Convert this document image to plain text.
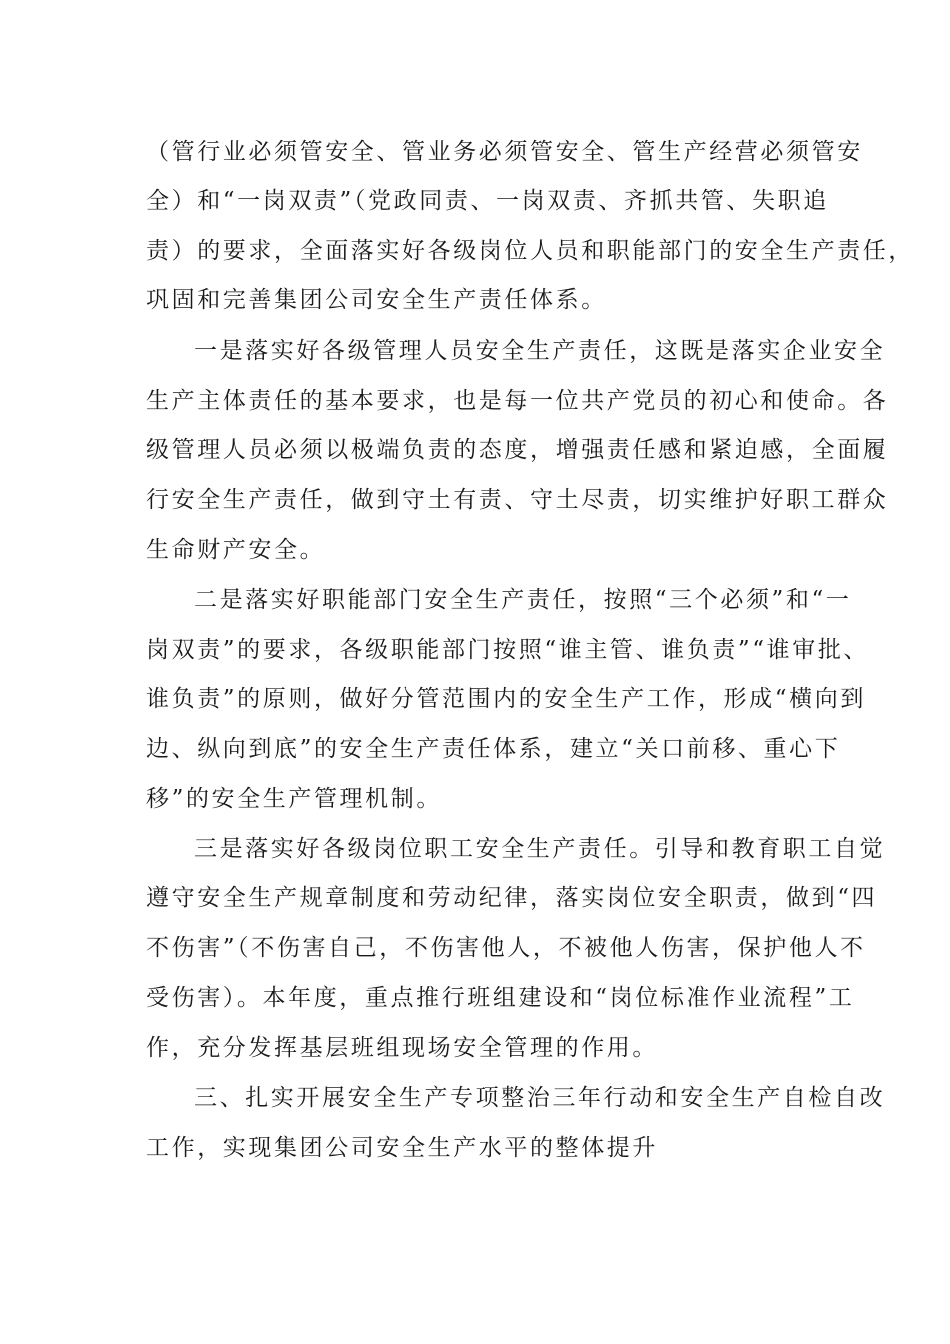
（管行业必须管安全、管业务必须管安全、管生产经营必须管安
全）和“一岗双责”（党政同责、一岗双责、齐抓共管、失职追
责）的要求，全面落实好各级岗位人员和职能部门的安全生产责任，
巩固和完善集团公司安全生产责任体系。
一是落实好各级管理人员安全生产责任，这既是落实企业安全
生产主体责任的基本要求，也是每一位共产党员的初心和使命。各
级管理人员必须以极端负责的态度，增强责任感和紧迫感，全面履
行安全生产责任，做到守土有责、守土尽责，切实维护好职工群众
生命财产安全。
二是落实好职能部门安全生产责任，按照“三个必须”和“一
岗双责”的要求，各级职能部门按照“谁主管、谁负责”“谁审批、
谁负责”的原则，做好分管范围内的安全生产工作，形成“横向到
边、纵向到底”的安全生产责任体系，建立“关口前移、重心下
移”的安全生产管理机制。
三是落实好各级岗位职工安全生产责任。引导和教育职工自觉
遵守安全生产规章制度和劳动纪律，落实岗位安全职责，做到“四
不伤害”（不伤害自己，不伤害他人，不被他人伤害，保护他人不
受伤害）。本年度，重点推行班组建设和“岗位标准作业流程”工
作，充分发挥基层班组现场安全管理的作用。
三、扎实开展安全生产专项整治三年行动和安全生产自检自改
工作，实现集团公司安全生产水平的整体提升
